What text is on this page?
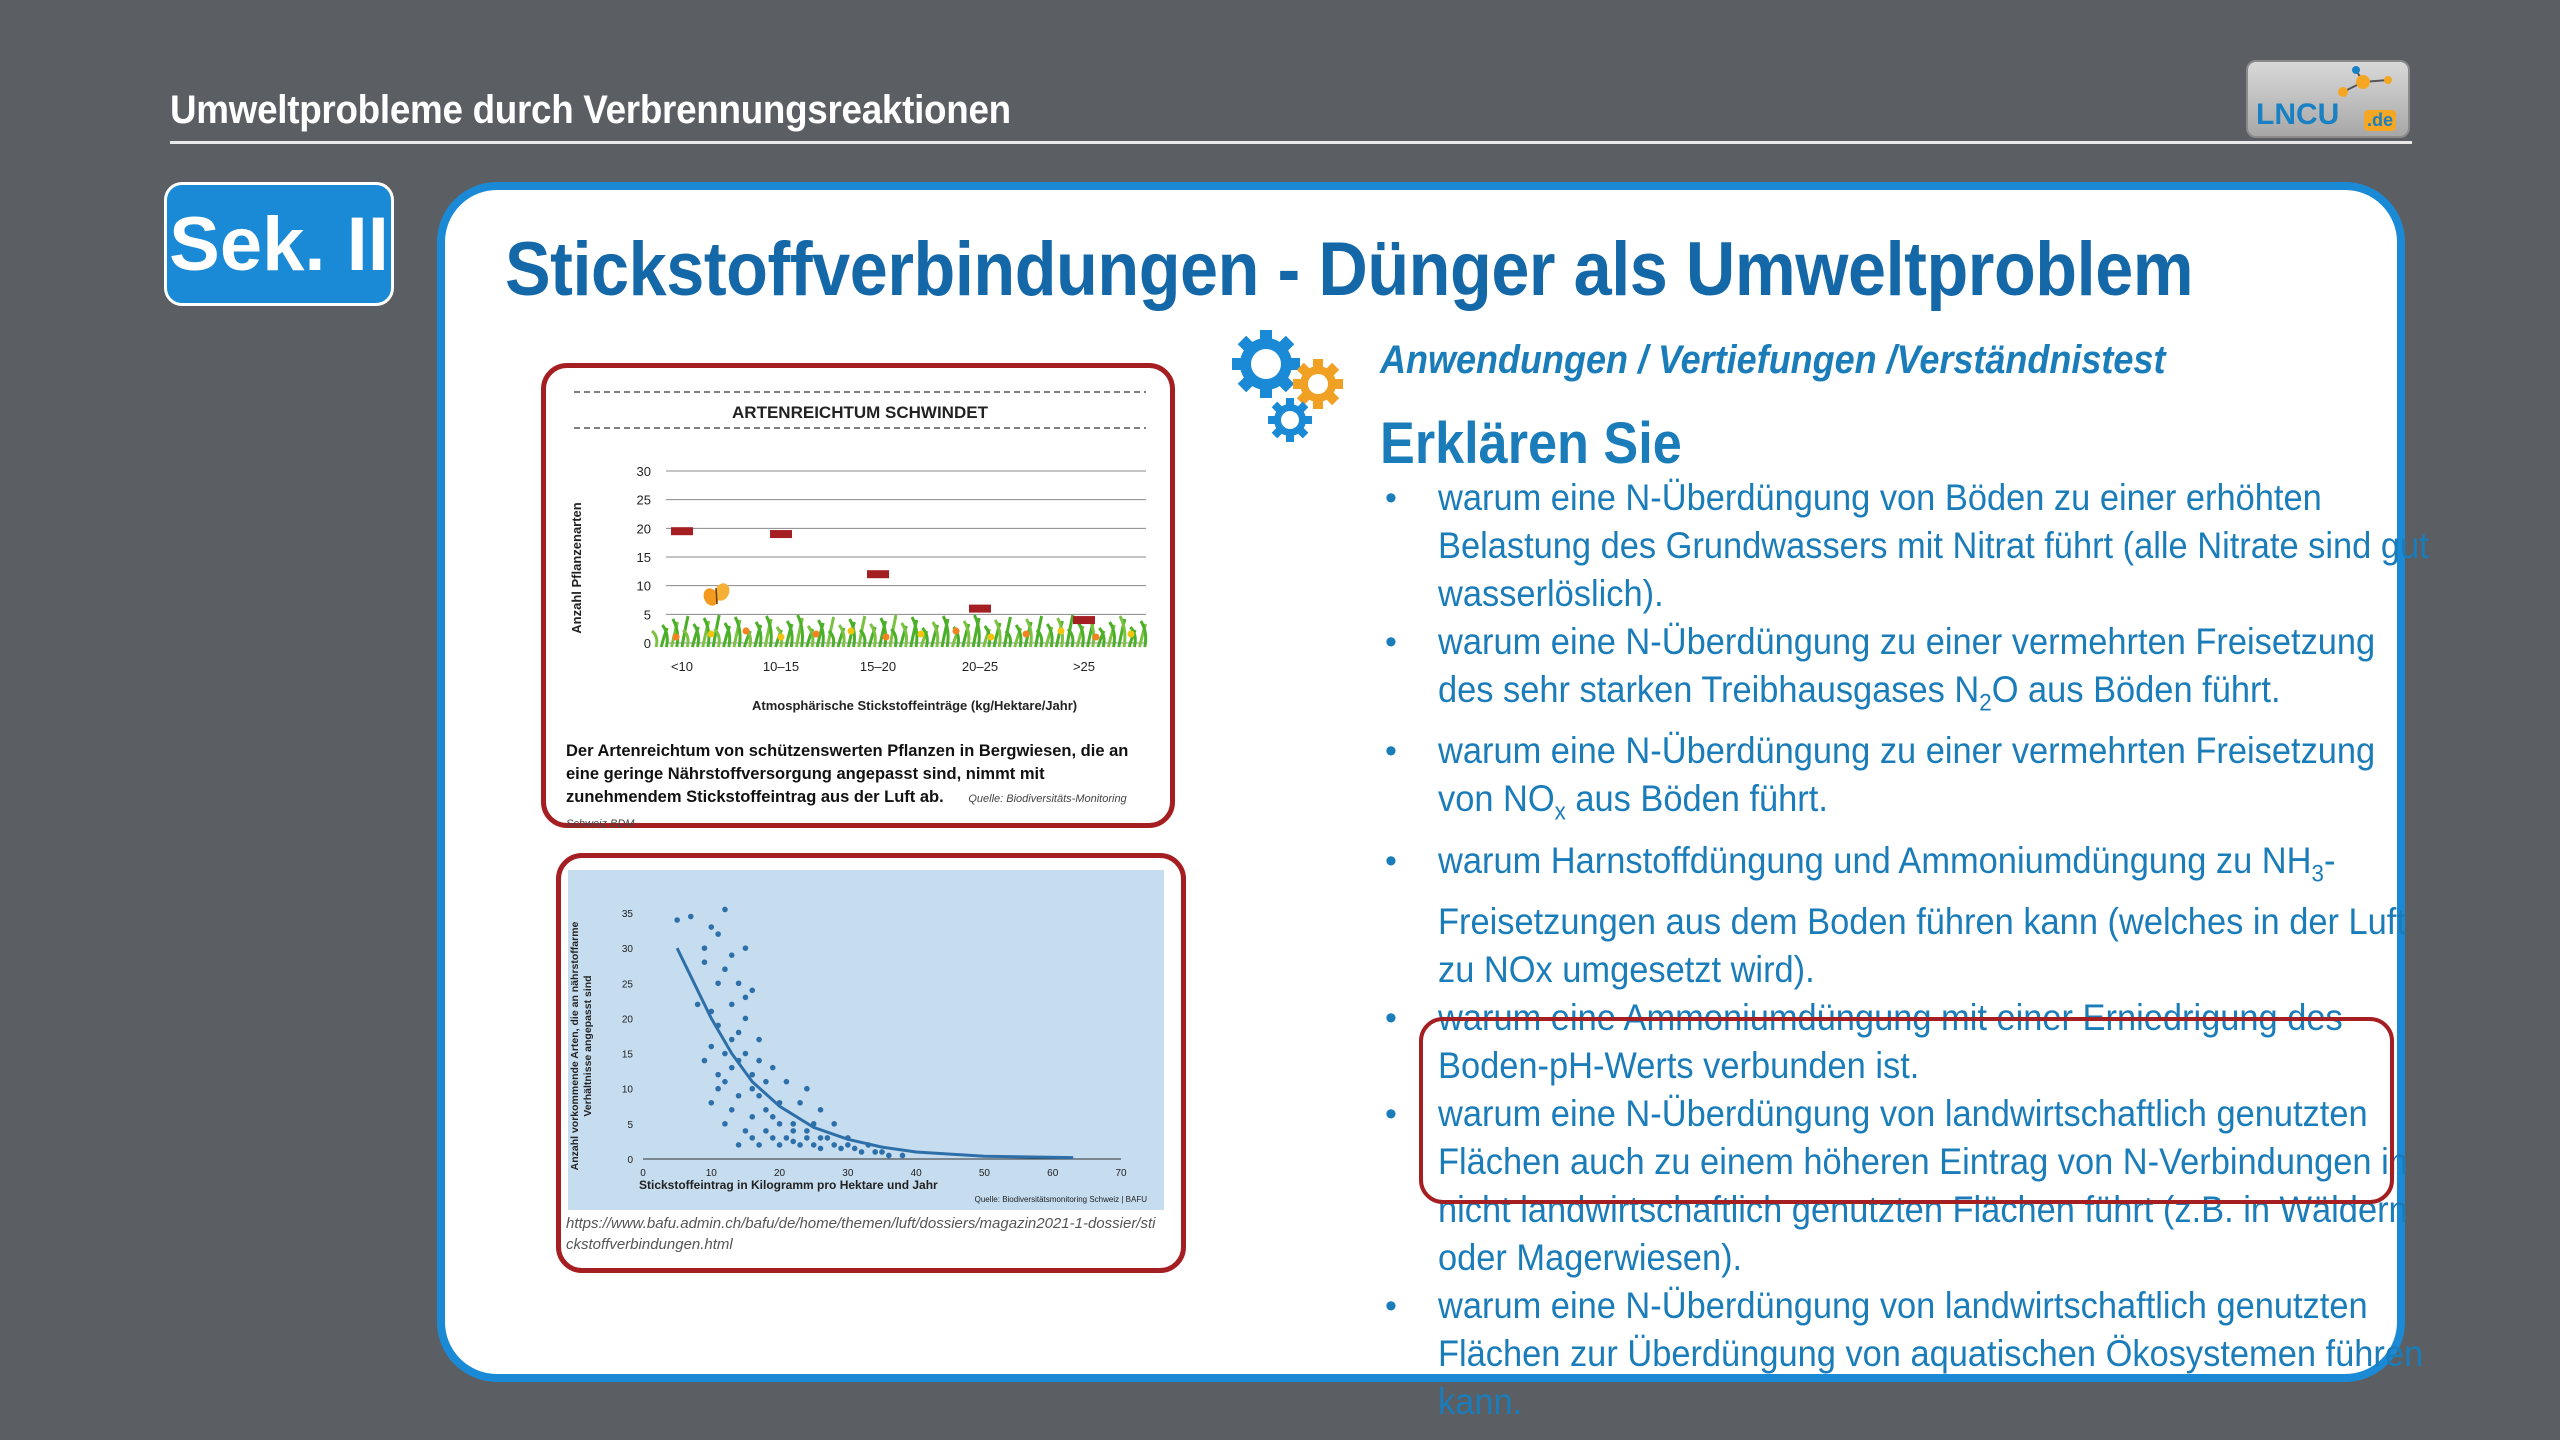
Umweltprobleme durch Verbrennungsreaktionen	LNCU .de
Sek. II Stickstoffverbindungen - Dünger als Umweltproblem
ARTENREICHTUM SCHWINDET
Anzahl Pflanzenarten
0
5
10
15
20
25
30
<10	10–15	15–20	20–25	>25
Atmosphärische Stickstoffeinträge (kg/Hektare/Jahr)
Der Artenreichtum von schützenswerten Pflanzen in Bergwiesen, die an eine geringe Nährstoffversorgung angepasst sind, nimmt mit zunehmendem Stickstoffeintrag aus der Luft ab. Quelle: Biodiversitäts-Monitoring Schweiz BDM
Anzahl vorkommende Arten, die an nährstoffarme Verhältnisse angepasst sind
0
5
10
15
20
25
30
35
0	10	20	30	40	50	60	70
Stickstoffeintrag in Kilogramm pro Hektare und Jahr
Quelle: Biodiversitätsmonitoring Schweiz | BAFU
https://www.bafu.admin.ch/bafu/de/home/themen/luft/dossiers/magazin2021-1-dossier/stickstoffverbindungen.html
Anwendungen / Vertiefungen /Verständnistest
Erklären Sie
• warum eine N-Überdüngung von Böden zu einer erhöhten Belastung des Grundwassers mit Nitrat führt (alle Nitrate sind gut wasserlöslich).
• warum eine N-Überdüngung zu einer vermehrten Freisetzung des sehr starken Treibhausgases $N_2O$ aus Böden führt.
• warum eine N-Überdüngung zu einer vermehrten Freisetzung von $NO_x$ aus Böden führt.
• warum Harnstoffdüngung und Ammoniumdüngung zu $NH_3$-Freisetzungen aus dem Boden führen kann (welches in der Luft zu NOx umgesetzt wird).
• warum eine Ammoniumdüngung mit einer Erniedrigung des Boden-pH-Werts verbunden ist.
• warum eine N-Überdüngung von landwirtschaftlich genutzten Flächen auch zu einem höheren Eintrag von N-Verbindungen in nicht landwirtschaftlich genutzten Flächen führt (z.B. in Wäldern oder Magerwiesen).
• warum eine N-Überdüngung von landwirtschaftlich genutzten Flächen zur Überdüngung von aquatischen Ökosystemen führen kann.
